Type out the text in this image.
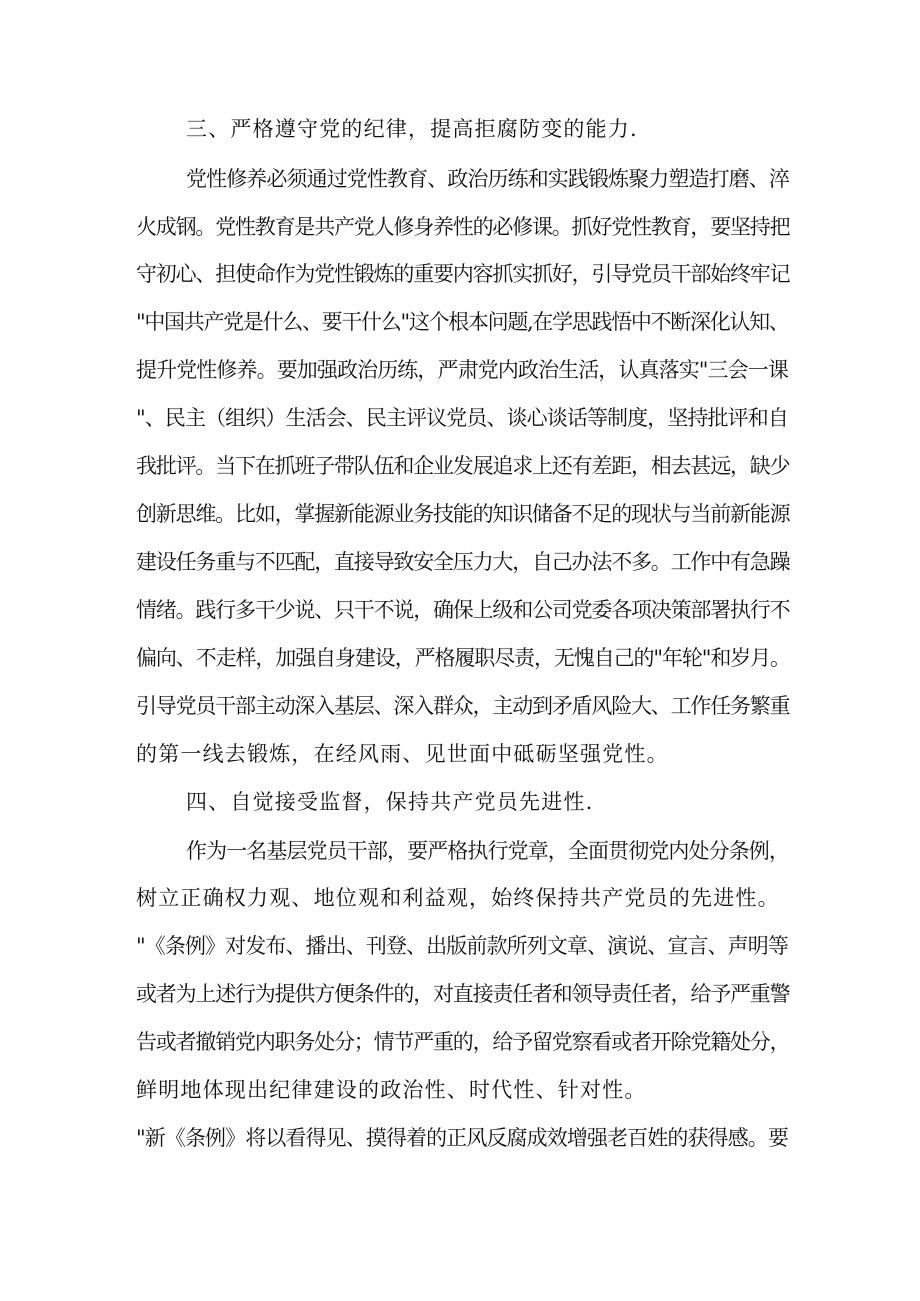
三、严格遵守党的纪律，提高拒腐防变的能力.
党性修养必须通过党性教育、政治历练和实践锻炼聚力塑造打磨、淬
火成钢。党性教育是共产党人修身养性的必修课。抓好党性教育，要坚持把
守初心、担使命作为党性锻炼的重要内容抓实抓好，引导党员干部始终牢记
"中国共产党是什么、要干什么"这个根本问题,在学思践悟中不断深化认知、
提升党性修养。要加强政治历练，严肃党内政治生活，认真落实"三会一课
"、民主（组织）生活会、民主评议党员、谈心谈话等制度，坚持批评和自
我批评。当下在抓班子带队伍和企业发展追求上还有差距，相去甚远，缺少
创新思维。比如，掌握新能源业务技能的知识储备不足的现状与当前新能源
建设任务重与不匹配，直接导致安全压力大，自己办法不多。工作中有急躁
情绪。践行多干少说、只干不说，确保上级和公司党委各项决策部署执行不
偏向、不走样，加强自身建设，严格履职尽责，无愧自己的"年轮"和岁月。
引导党员干部主动深入基层、深入群众，主动到矛盾风险大、工作任务繁重
的第一线去锻炼，在经风雨、见世面中砥砺坚强党性。
四、自觉接受监督，保持共产党员先进性.
作为一名基层党员干部，要严格执行党章，全面贯彻党内处分条例，
树立正确权力观、地位观和利益观，始终保持共产党员的先进性。
"《条例》对发布、播出、刊登、出版前款所列文章、演说、宣言、声明等
或者为上述行为提供方便条件的，对直接责任者和领导责任者，给予严重警
告或者撤销党内职务处分；情节严重的，给予留党察看或者开除党籍处分，
鲜明地体现出纪律建设的政治性、时代性、针对性。
"新《条例》将以看得见、摸得着的正风反腐成效增强老百姓的获得感。要
